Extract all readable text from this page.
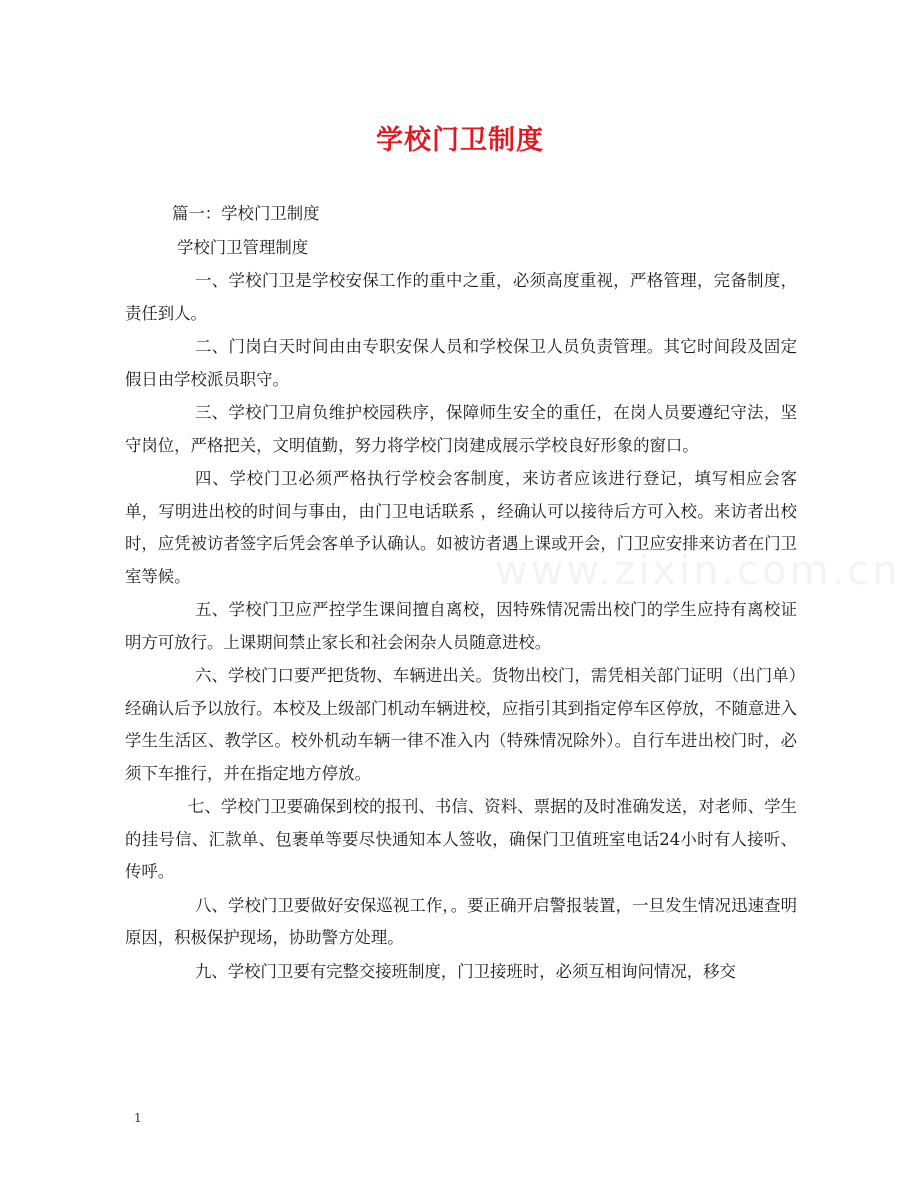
学校门卫制度

篇一：学校门卫制度

学校门卫管理制度

一、学校门卫是学校安保工作的重中之重，必须高度重视，严格管理，完备制度，责任到人。

二、门岗白天时间由由专职安保人员和学校保卫人员负责管理。其它时间段及固定假日由学校派员职守。

三、学校门卫肩负维护校园秩序，保障师生安全的重任，在岗人员要遵纪守法，坚守岗位，严格把关，文明值勤，努力将学校门岗建成展示学校良好形象的窗口。

四、学校门卫必须严格执行学校会客制度，来访者应该进行登记，填写相应会客单，写明进出校的时间与事由，由门卫电话联系 ，经确认可以接待后方可入校。来访者出校时，应凭被访者签字后凭会客单予认确认。如被访者遇上课或开会，门卫应安排来访者在门卫室等候。

五、学校门卫应严控学生课间擅自离校，因特殊情况需出校门的学生应持有离校证明方可放行。上课期间禁止家长和社会闲杂人员随意进校。

六、学校门口要严把货物、车辆进出关。货物出校门，需凭相关部门证明（出门单）经确认后予以放行。本校及上级部门机动车辆进校，应指引其到指定停车区停放，不随意进入学生生活区、教学区。校外机动车辆一律不准入内（特殊情况除外）。自行车进出校门时，必须下车推行，并在指定地方停放。

七、学校门卫要确保到校的报刊、书信、资料、票据的及时准确发送，对老师、学生的挂号信、汇款单、包裹单等要尽快通知本人签收，确保门卫值班室电话24小时有人接听、传呼。

八、学校门卫要做好安保巡视工作，。要正确开启警报装置，一旦发生情况迅速查明原因，积极保护现场，协助警方处理。

九、学校门卫要有完整交接班制度，门卫接班时，必须互相询问情况，移交

1
